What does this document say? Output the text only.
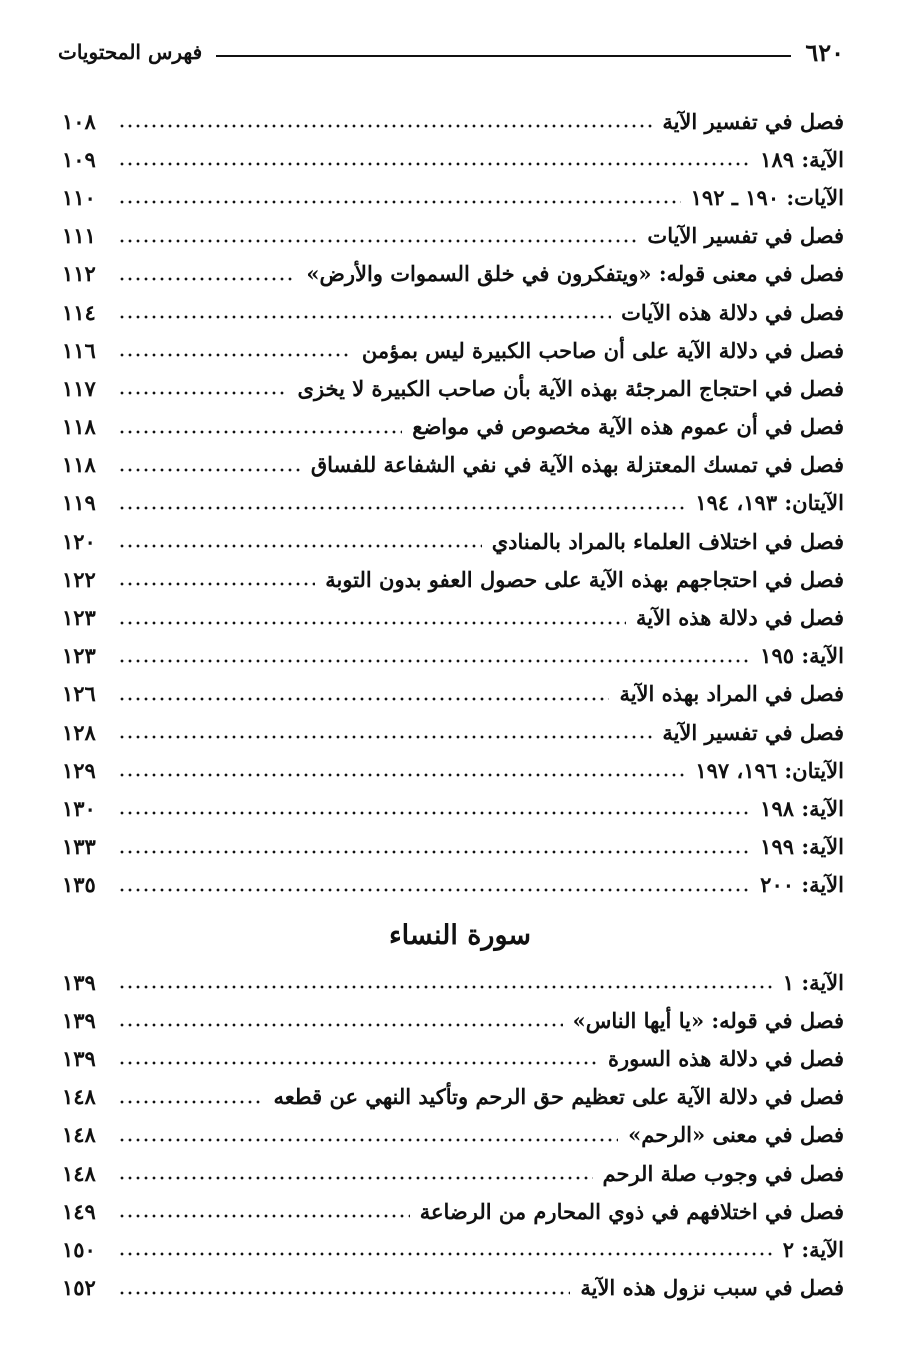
٦٢٠
فهرس المحتويات
فصل في تفسير الآية
١٠٨
الآية: ١٨٩
١٠٩
الآيات: ١٩٠ ـ ١٩٢
١١٠
فصل في تفسير الآيات
١١١
فصل في معنى قوله: «ويتفكرون في خلق السموات والأرض»
١١٢
فصل في دلالة هذه الآيات
١١٤
فصل في دلالة الآية على أن صاحب الكبيرة ليس بمؤمن
١١٦
فصل في احتجاج المرجئة بهذه الآية بأن صاحب الكبيرة لا يخزى
١١٧
فصل في أن عموم هذه الآية مخصوص في مواضع
١١٨
فصل في تمسك المعتزلة بهذه الآية في نفي الشفاعة للفساق
١١٨
الآيتان: ١٩٣، ١٩٤
١١٩
فصل في اختلاف العلماء بالمراد بالمنادي
١٢٠
فصل في احتجاجهم بهذه الآية على حصول العفو بدون التوبة
١٢٢
فصل في دلالة هذه الآية
١٢٣
الآية: ١٩٥
١٢٣
فصل في المراد بهذه الآية
١٢٦
فصل في تفسير الآية
١٢٨
الآيتان: ١٩٦، ١٩٧
١٢٩
الآية: ١٩٨
١٣٠
الآية: ١٩٩
١٣٣
الآية: ٢٠٠
١٣٥
سورة النساء
الآية: ١
١٣٩
فصل في قوله: «يا أيها الناس»
١٣٩
فصل في دلالة هذه السورة
١٣٩
فصل في دلالة الآية على تعظيم حق الرحم وتأكيد النهي عن قطعه
١٤٨
فصل في معنى «الرحم»
١٤٨
فصل في وجوب صلة الرحم
١٤٨
فصل في اختلافهم في ذوي المحارم من الرضاعة
١٤٩
الآية: ٢
١٥٠
فصل في سبب نزول هذه الآية
١٥٢
